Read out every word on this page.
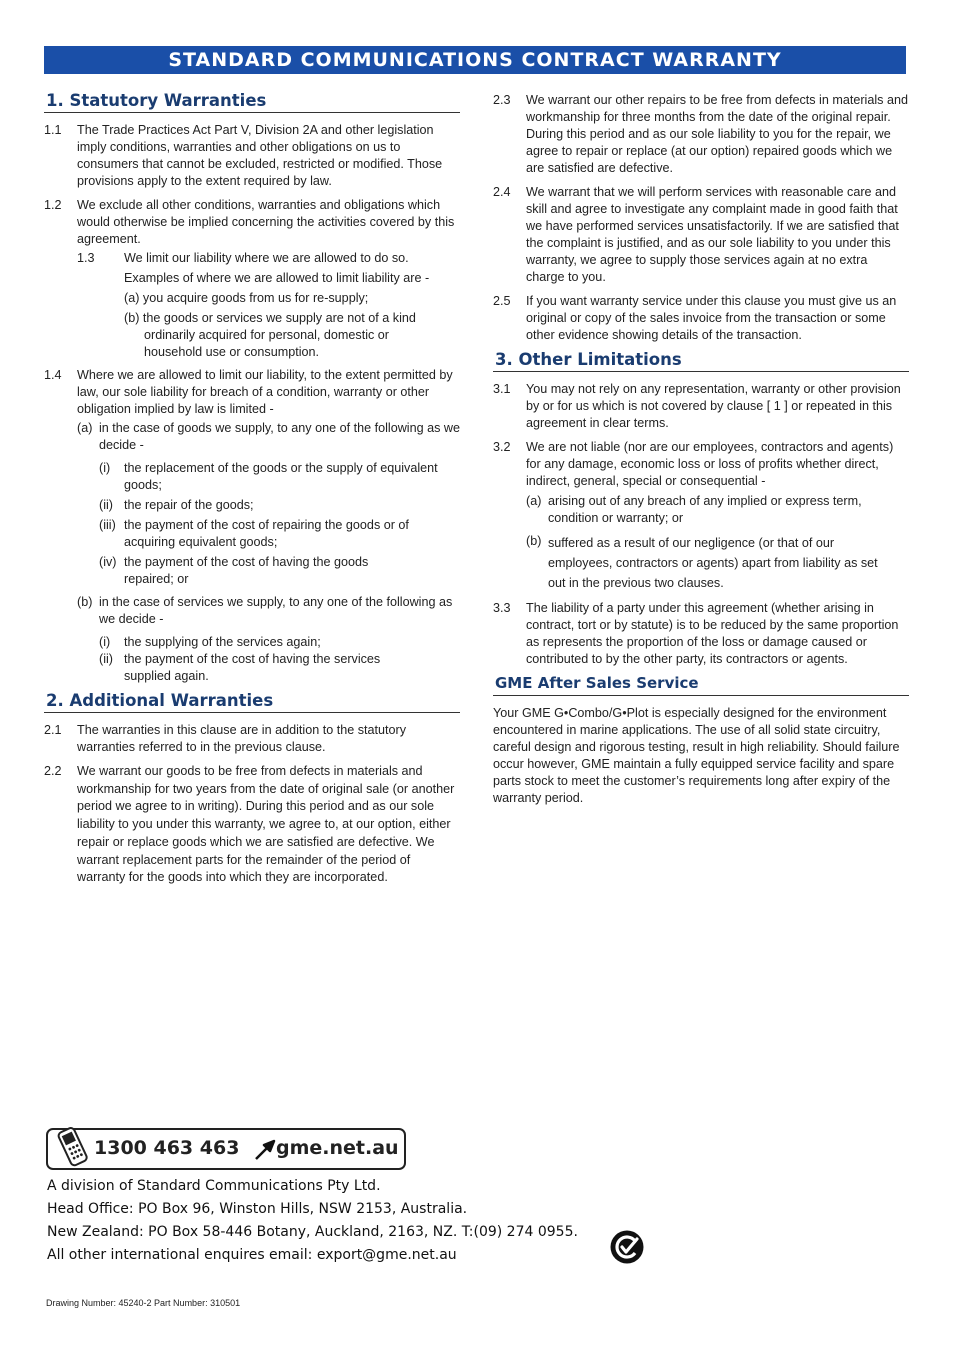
STANDARD COMMUNICATIONS CONTRACT WARRANTY
1. Statutory Warranties
1.1	The Trade Practices Act Part V, Division 2A and other legislation imply conditions, warranties and other obligations on us to consumers that cannot be excluded, restricted or modified. Those provisions apply to the extent required by law.
1.2	We exclude all other conditions, warranties and obligations which would otherwise be implied concerning the activities covered by this agreement.
1.3	We limit our liability where we are allowed to do so.
Examples of where we are allowed to limit liability are -
(a) you acquire goods from us for re-supply;
(b) the goods or services we supply are not of a kind ordinarily acquired for personal, domestic or household use or consumption.
1.4	Where we are allowed to limit our liability, to the extent permitted by law, our sole liability for breach of a condition, warranty or other obligation implied by law is limited -
(a) in the case of goods we supply, to any one of the following as we decide -
(i)	the replacement of the goods or the supply of equivalent goods;
(ii) the repair of the goods;
(iii) the payment of the cost of repairing the goods or of acquiring equivalent goods;
(iv) the payment of the cost of having the goods repaired; or
(b) in the case of services we supply, to any one of the following as we decide -
(i)	the supplying of the services again;
(ii) the payment of the cost of having the services supplied again.
2. Additional Warranties
2.1	The warranties in this clause are in addition to the statutory warranties referred to in the previous clause.
2.2	We warrant our goods to be free from defects in materials and workmanship for two years from the date of original sale (or another period we agree to in writing). During this period and as our sole liability to you under this warranty, we agree to, at our option, either repair or replace goods which we are satisfied are defective. We warrant replacement parts for the remainder of the period of warranty for the goods into which they are incorporated.
2.3	We warrant our other repairs to be free from defects in materials and workmanship for three months from the date of the original repair. During this period and as our sole liability to you for the repair, we agree to repair or replace (at our option) repaired goods which we are satisfied are defective.
2.4	We warrant that we will perform services with reasonable care and skill and agree to investigate any complaint made in good faith that we have performed services unsatisfactorily. If we are satisfied that the complaint is justified, and as our sole liability to you under this warranty, we agree to supply those services again at no extra charge to you.
2.5	If you want warranty service under this clause you must give us an original or copy of the sales invoice from the transaction or some other evidence showing details of the transaction.
3. Other Limitations
3.1	You may not rely on any representation, warranty or other provision by or for us which is not covered by clause [ 1 ] or repeated in this agreement in clear terms.
3.2	We are not liable (nor are our employees, contractors and agents) for any damage, economic loss or loss of profits whether direct, indirect, general, special or consequential -
(a) arising out of any breach of any implied or express term, condition or warranty; or
(b) suffered as a result of our negligence (or that of our employees, contractors or agents) apart from liability as set out in the previous two clauses.
3.3	The liability of a party under this agreement (whether arising in contract, tort or by statute) is to be reduced by the same proportion as represents the proportion of the loss or damage caused or contributed to by the other party, its contractors or agents.
GME After Sales Service
Your GME G•Combo/G•Plot is especially designed for the environment encountered in marine applications. The use of all solid state circuitry, careful design and rigorous testing, result in high reliability. Should failure occur however, GME maintain a fully equipped service facility and spare parts stock to meet the customer’s requirements long after expiry of the warranty period.
1300 463 463 gme.net.au
A division of Standard Communications Pty Ltd.
Head Office: PO Box 96, Winston Hills, NSW 2153, Australia.
New Zealand: PO Box 58-446 Botany, Auckland, 2163, NZ. T:(09) 274 0955.
All other international enquires email: export@gme.net.au
Drawing Number: 45240-2 Part Number: 310501
